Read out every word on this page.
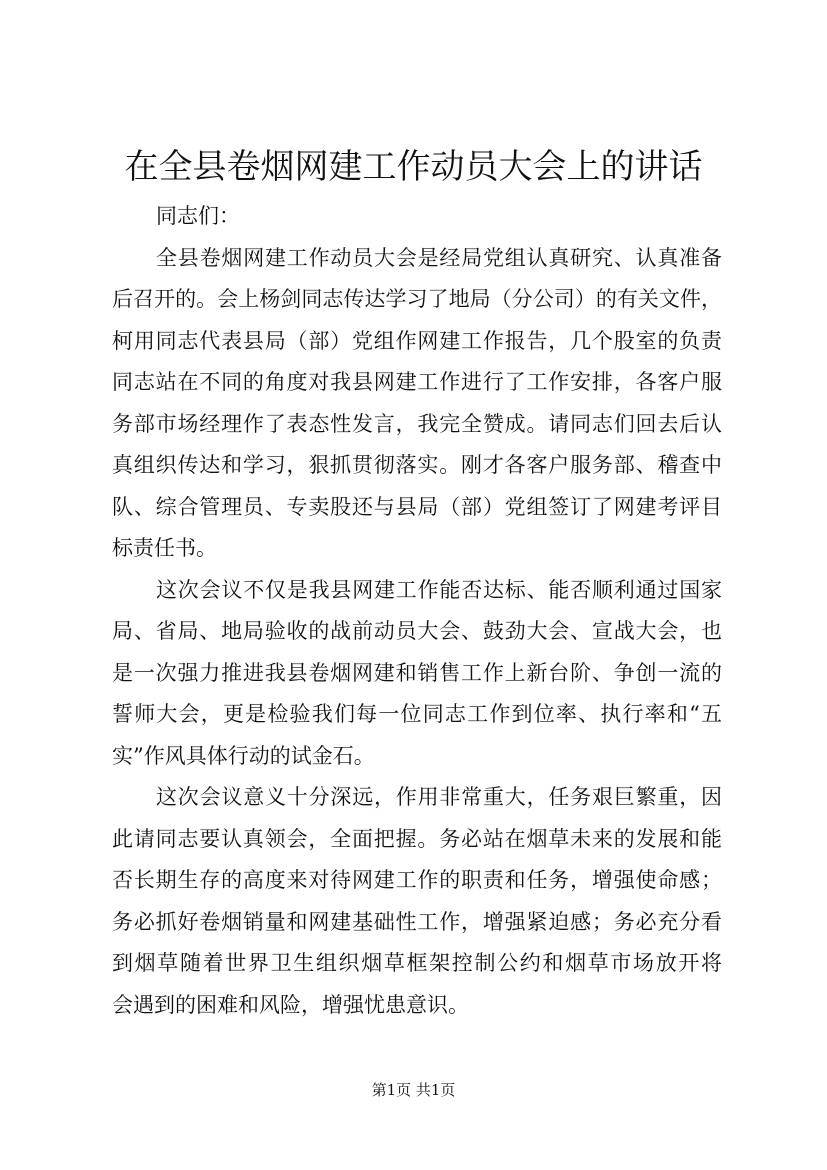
在全县卷烟网建工作动员大会上的讲话

同志们：

全县卷烟网建工作动员大会是经局党组认真研究、认真准备
后召开的。会上杨剑同志传达学习了地局（分公司）的有关文件，
柯用同志代表县局（部）党组作网建工作报告，几个股室的负责
同志站在不同的角度对我县网建工作进行了工作安排，各客户服
务部市场经理作了表态性发言，我完全赞成。请同志们回去后认
真组织传达和学习，狠抓贯彻落实。刚才各客户服务部、稽查中
队、综合管理员、专卖股还与县局（部）党组签订了网建考评目
标责任书。
这次会议不仅是我县网建工作能否达标、能否顺利通过国家
局、省局、地局验收的战前动员大会、鼓劲大会、宣战大会，也
是一次强力推进我县卷烟网建和销售工作上新台阶、争创一流的
誓师大会，更是检验我们每一位同志工作到位率、执行率和“五
实”作风具体行动的试金石。
这次会议意义十分深远，作用非常重大，任务艰巨繁重，因
此请同志要认真领会，全面把握。务必站在烟草未来的发展和能
否长期生存的高度来对待网建工作的职责和任务，增强使命感；
务必抓好卷烟销量和网建基础性工作，增强紧迫感；务必充分看
到烟草随着世界卫生组织烟草框架控制公约和烟草市场放开将
会遇到的困难和风险，增强忧患意识。
第1页 共1页
